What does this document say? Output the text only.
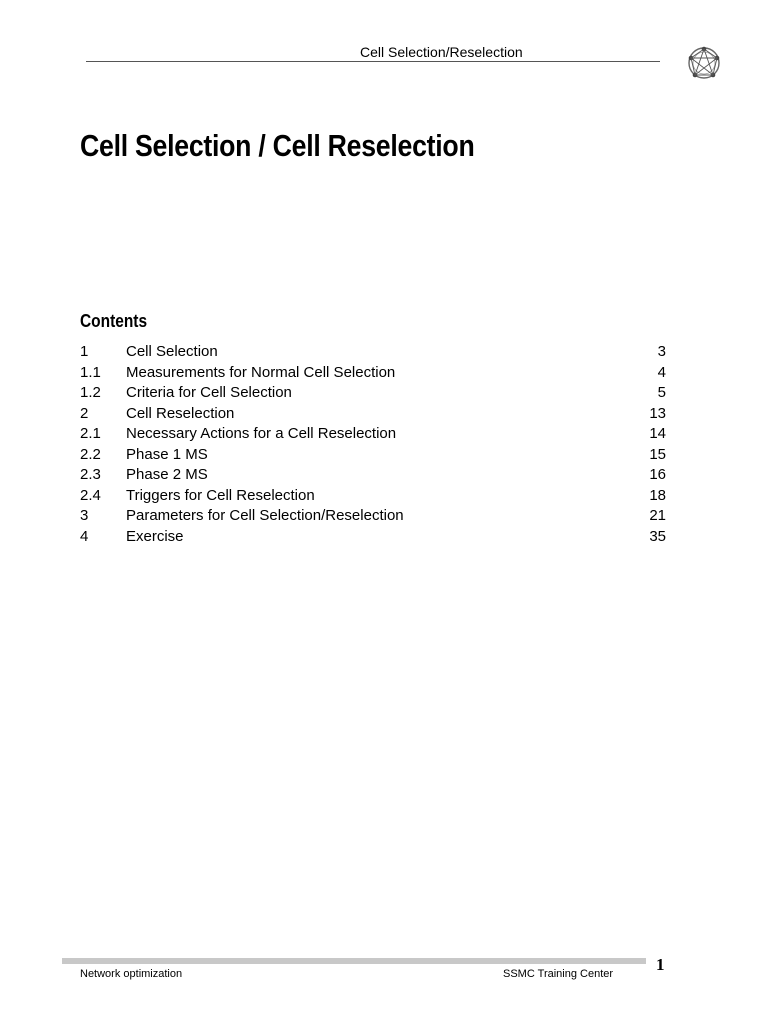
Cell Selection/Reselection
Cell Selection / Cell Reselection
Contents
1	Cell Selection	3
1.1 Measurements for Normal Cell Selection	4
1.2 Criteria for Cell Selection	5
2	Cell Reselection	13
2.1 Necessary Actions for a Cell Reselection	14
2.2 Phase 1 MS	15
2.3 Phase 2 MS	16
2.4 Triggers for Cell Reselection	18
3	Parameters for Cell Selection/Reselection	21
4	Exercise	35
Network optimization	SSMC Training Center	1
